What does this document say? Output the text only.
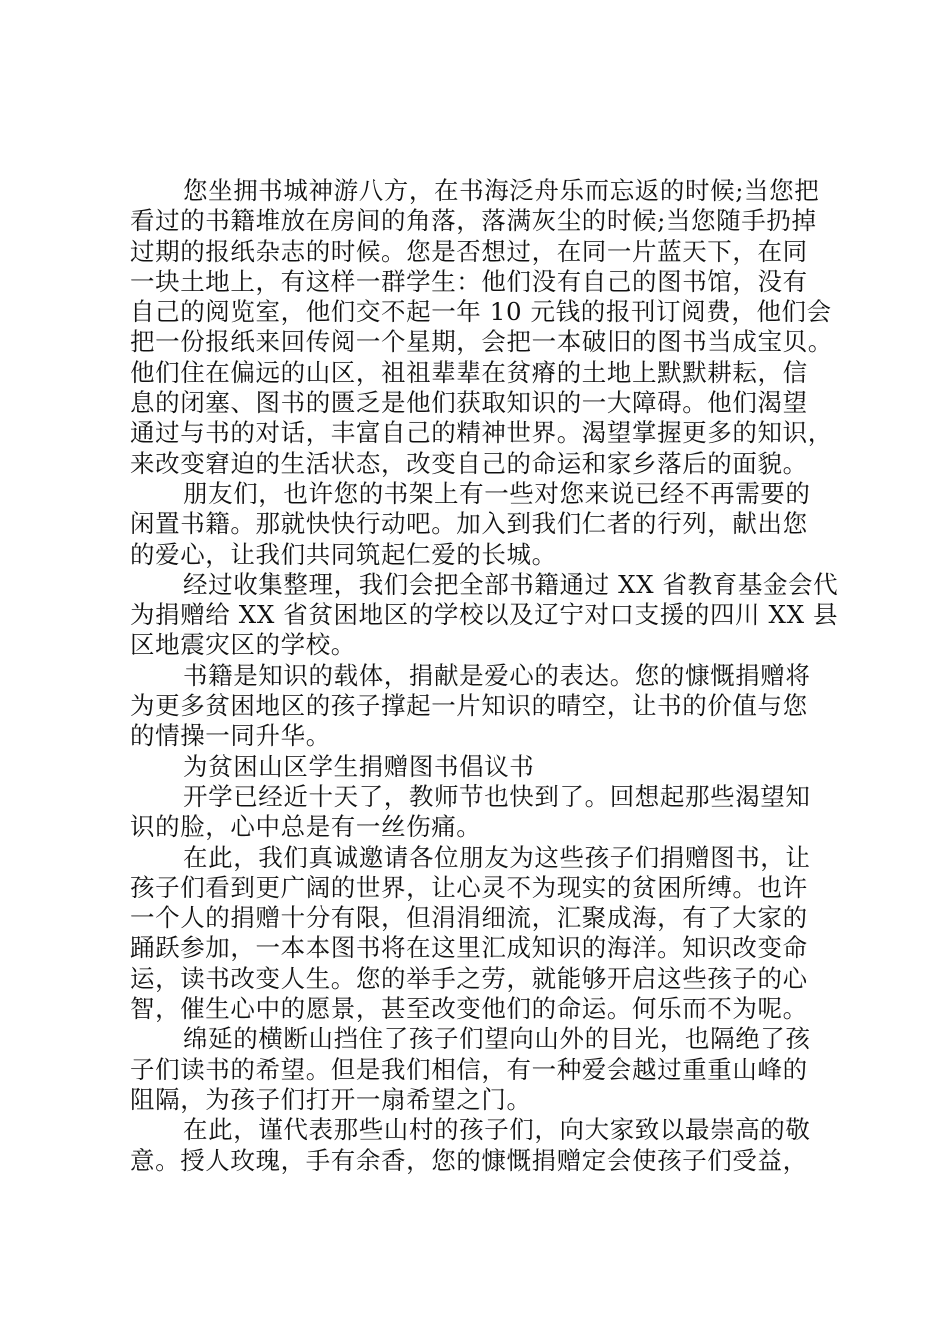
您坐拥书城神游八方，在书海泛舟乐而忘返的时候;当您把
看过的书籍堆放在房间的角落，落满灰尘的时候;当您随手扔掉
过期的报纸杂志的时候。您是否想过，在同一片蓝天下，在同
一块土地上，有这样一群学生：他们没有自己的图书馆，没有
自己的阅览室，他们交不起一年 10 元钱的报刊订阅费，他们会
把一份报纸来回传阅一个星期，会把一本破旧的图书当成宝贝。
他们住在偏远的山区，祖祖辈辈在贫瘠的土地上默默耕耘，信
息的闭塞、图书的匮乏是他们获取知识的一大障碍。他们渴望
通过与书的对话，丰富自己的精神世界。渴望掌握更多的知识，
来改变窘迫的生活状态，改变自己的命运和家乡落后的面貌。
朋友们，也许您的书架上有一些对您来说已经不再需要的
闲置书籍。那就快快行动吧。加入到我们仁者的行列，献出您
的爱心，让我们共同筑起仁爱的长城。
经过收集整理，我们会把全部书籍通过 XX 省教育基金会代
为捐赠给 XX 省贫困地区的学校以及辽宁对口支援的四川 XX 县
区地震灾区的学校。
书籍是知识的载体，捐献是爱心的表达。您的慷慨捐赠将
为更多贫困地区的孩子撑起一片知识的晴空，让书的价值与您
的情操一同升华。
为贫困山区学生捐赠图书倡议书
开学已经近十天了，教师节也快到了。回想起那些渴望知
识的脸，心中总是有一丝伤痛。
在此，我们真诚邀请各位朋友为这些孩子们捐赠图书，让
孩子们看到更广阔的世界，让心灵不为现实的贫困所缚。也许
一个人的捐赠十分有限，但涓涓细流，汇聚成海，有了大家的
踊跃参加，一本本图书将在这里汇成知识的海洋。知识改变命
运，读书改变人生。您的举手之劳，就能够开启这些孩子的心
智，催生心中的愿景，甚至改变他们的命运。何乐而不为呢。
绵延的横断山挡住了孩子们望向山外的目光，也隔绝了孩
子们读书的希望。但是我们相信，有一种爱会越过重重山峰的
阻隔，为孩子们打开一扇希望之门。
在此，谨代表那些山村的孩子们，向大家致以最崇高的敬
意。授人玫瑰，手有余香，您的慷慨捐赠定会使孩子们受益，
